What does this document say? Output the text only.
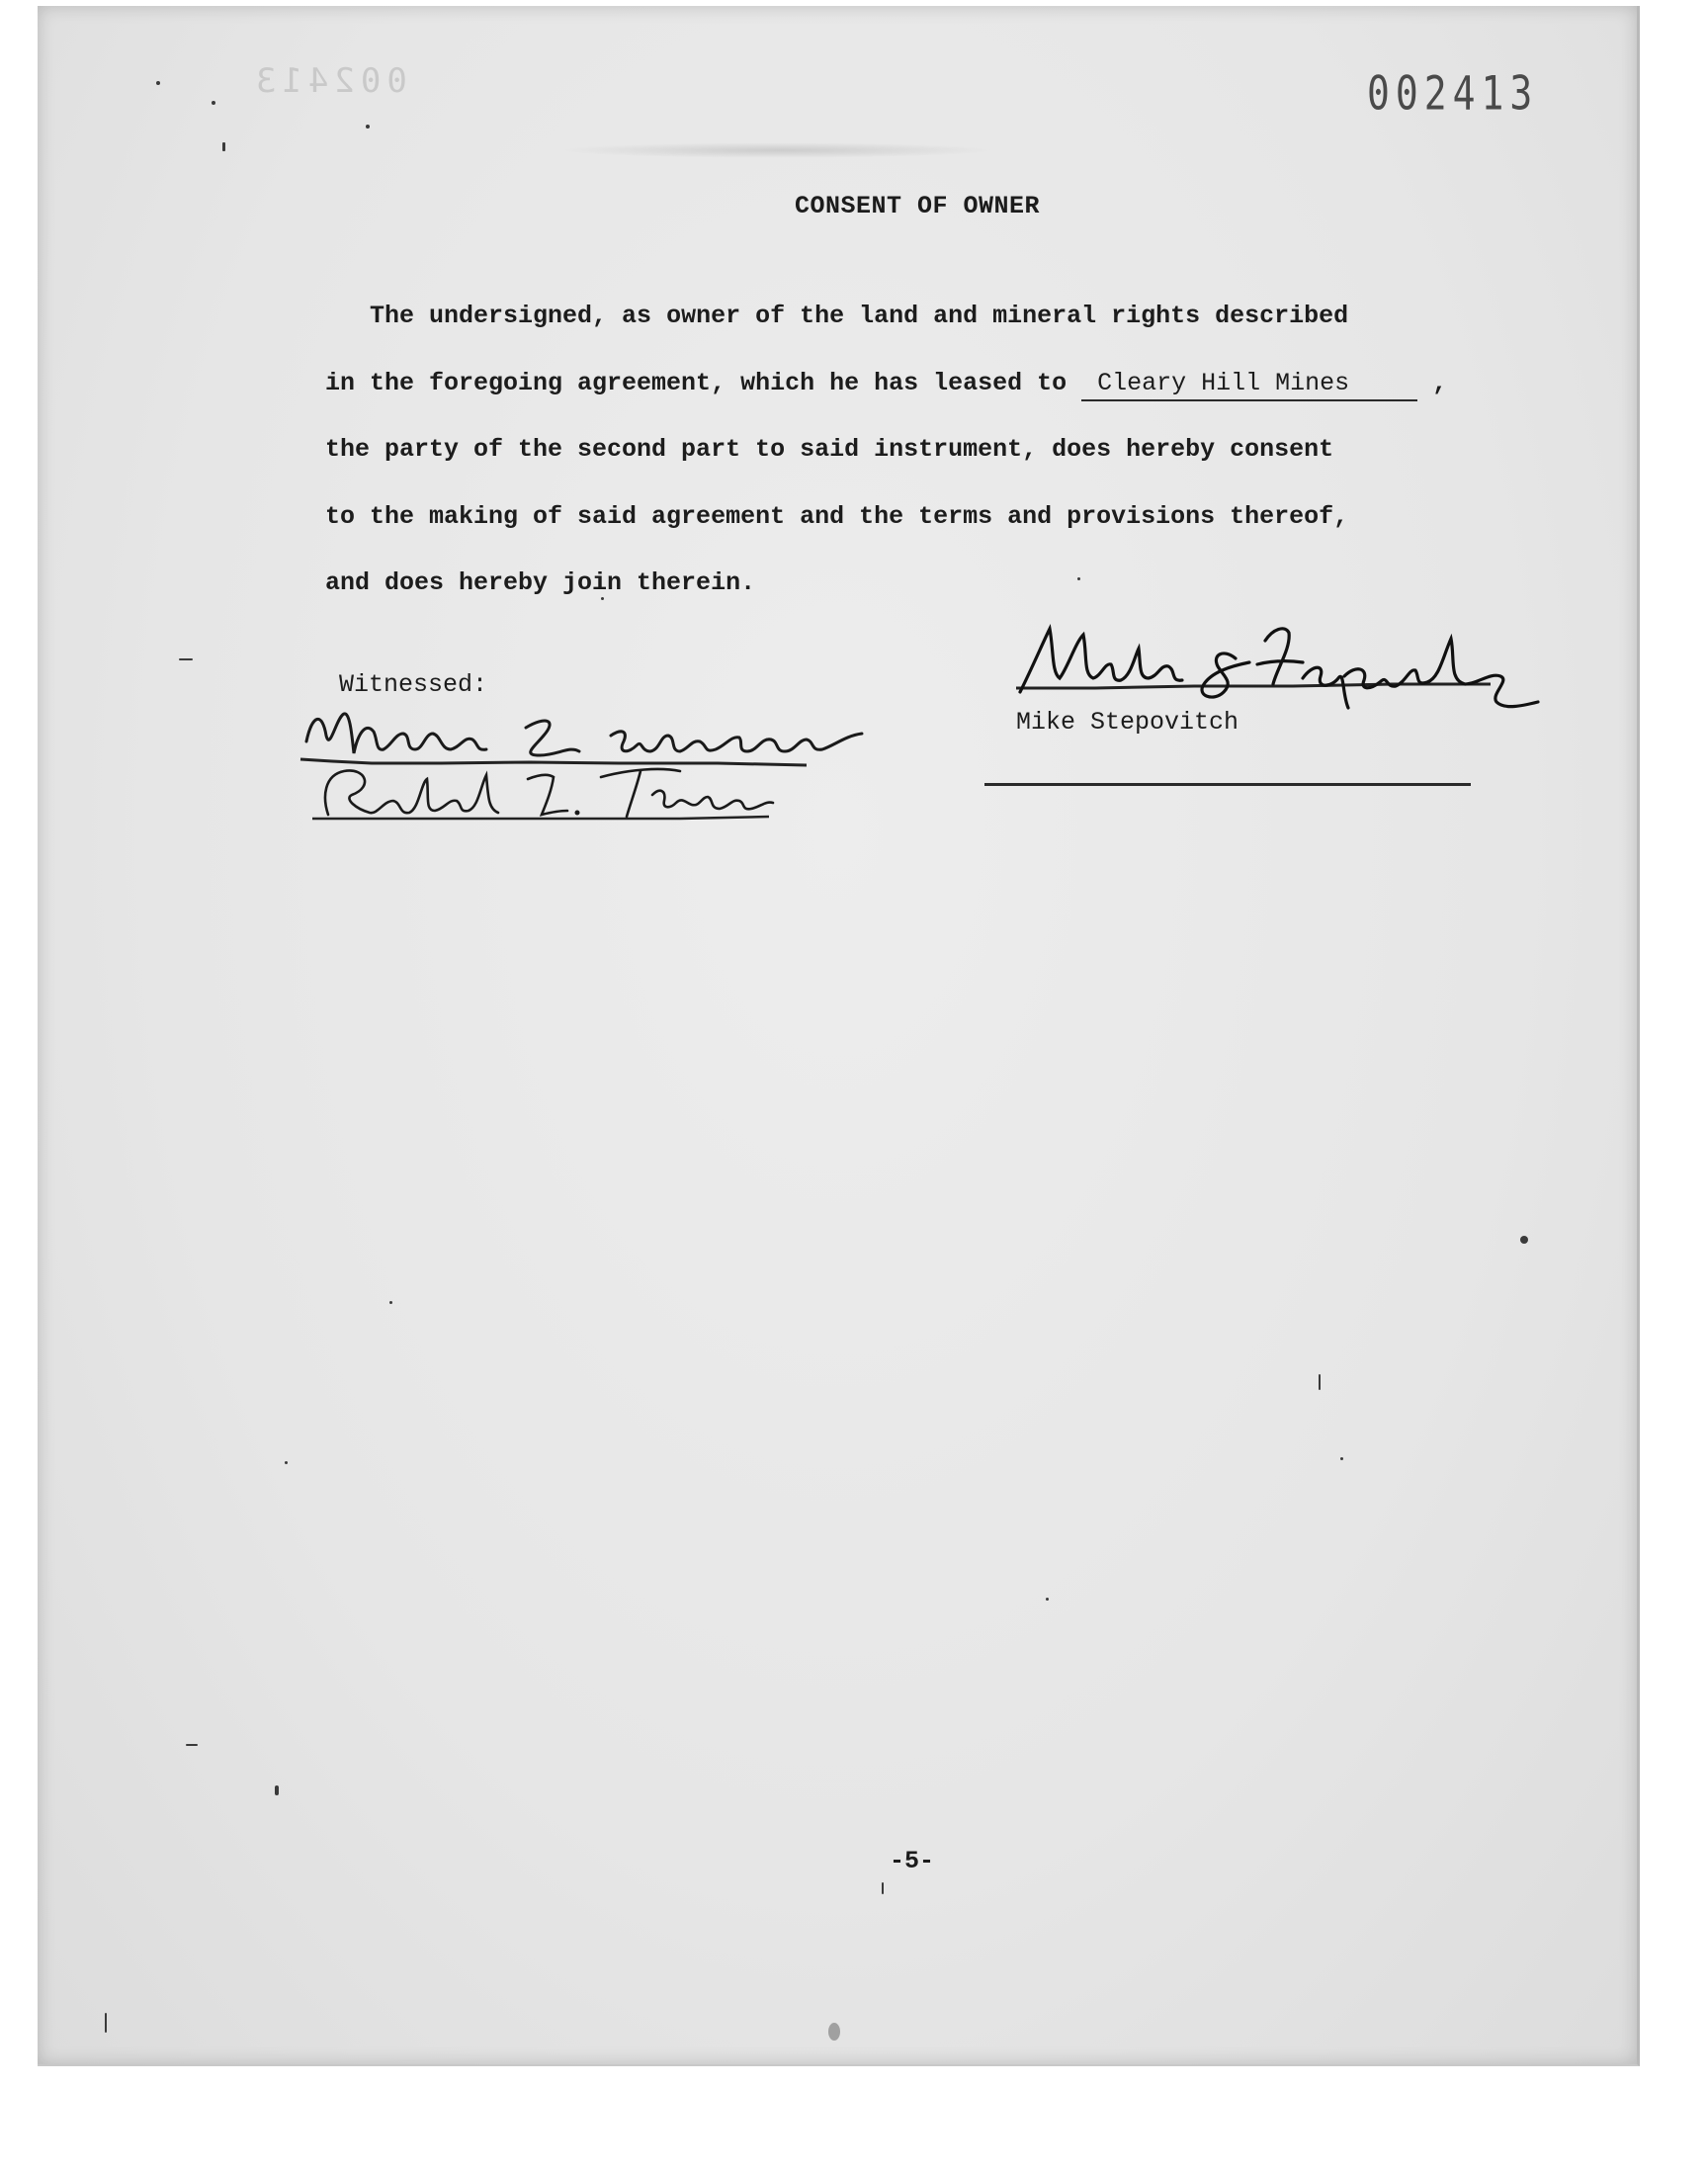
002413	002413
CONSENT OF OWNER
The undersigned, as owner of the land and mineral rights described
in the foregoing agreement, which he has leased to Cleary Hill Mines	,
the party of the second part to said instrument, does hereby consent
to the making of said agreement and the terms and provisions thereof,
and does hereby join therein.
Witnessed:
Mike Stepovitch
-5-
